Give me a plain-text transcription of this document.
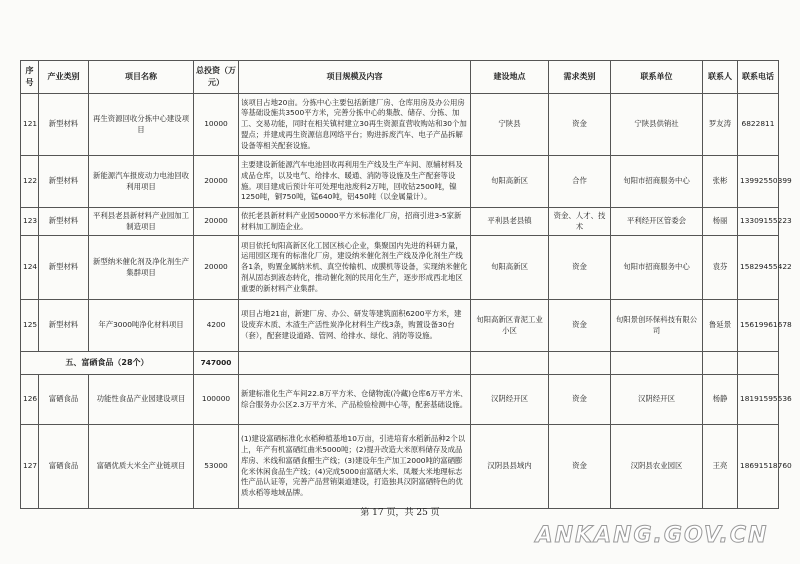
序号	产业类别	项目名称	总投资（万元）	项目规模及内容	建设地点	需求类别	联系单位	联系人	联系电话
121	新型材料	再生资源回收分拣中心建设项目	10000	该项目占地20亩。分拣中心主要包括新建厂房、仓库用房及办公用房等基础设施共3500平方米，完善分拣中心的集散、储存、分拣、加工、交易功能，同时在相关镇村建立30再生资源直营收购站和30个加盟点；并建成再生资源信息网络平台；购进拆废汽车、电子产品拆解设备等相关配套设施。	宁陕县	资金	宁陕县供销社	罗友涛	6822811
122	新型材料	新能源汽车报废动力电池回收利用项目	20000	主要建设新能源汽车电池回收再利用生产线及生产车间、原辅材料及成品仓库，以及电气、给排水、暖通、消防等设施及生产配套等设施。项目建成后预计年可处理电池废料2万吨，回收钴2500吨，镍1250吨，铜750吨，锰640吨，铝450吨（以金属量计）。	旬阳高新区	合作	旬阳市招商服务中心	张彬	13992550399
123	新型材料	平利县老县新材料产业园加工制造项目	20000	依托老县新材料产业园50000平方米标准化厂房，招商引进3-5家新材料加工制造企业。	平利县老县镇	资金、人才、技术	平利经开区管委会	杨丽	13309155223
124	新型材料	新型纳米催化剂及净化剂生产集群项目	20000	项目依托旬阳高新区化工园区核心企业，集聚国内先进的科研力量，运用园区现有的标准化厂房，建设纳米催化剂生产线及净化剂生产线各1条，购置金属纳米机、真空传输机、成膜机等设备，实现纳米催化剂从固态到液态转化，推动催化剂的民用化生产，逐步形成西北地区重要的新材料产业集群。	旬阳高新区	资金	旬阳市招商服务中心	袁芬	15829455422
125	新型材料	年产3000吨净化材料项目	4200	项目占地21亩，新建厂房、办公、研发等建筑面积6200平方米，建设废弃木质、木渣生产活性炭净化材料生产线3条，购置设备30台（套），配套建设道路、管网、给排水、绿化、消防等设施。	旬阳高新区青泥工业小区	资金	旬阳景创环保科技有限公司	鲁延景	15619961678
五、富硒食品（28个）			747000						
126	富硒食品	功能性食品产业园建设项目	100000	新建标准化生产车间22.8万平方米、仓储物流(冷藏)仓库6万平方米、综合服务办公区2.3万平方米、产品检验检测中心等，配套基础设施。	汉阴经开区	资金	汉阴经开区	杨静	18191595536
127	富硒食品	富硒优质大米全产业链项目	53000	(1)建设富硒标准化水稻种植基地10万亩，引进培育水稻新品种2个以上，年产有机富硒红曲米5000吨；(2)提升改造大米原料储存及成品库房、米线和富硒食醋生产线；(3)建设年生产加工2000吨的富硒膨化米休闲食品生产线；(4)完成5000亩富硒大米、凤堰大米地理标志性产品认证等，完善产品营销渠道建设，打造独具汉阴富硒特色的优质水稻等地域品牌。	汉阴县县域内	资金	汉阴县农业园区	王亮	18691518760
第 17 页，共 25 页
ANKANG.GOV.CN
